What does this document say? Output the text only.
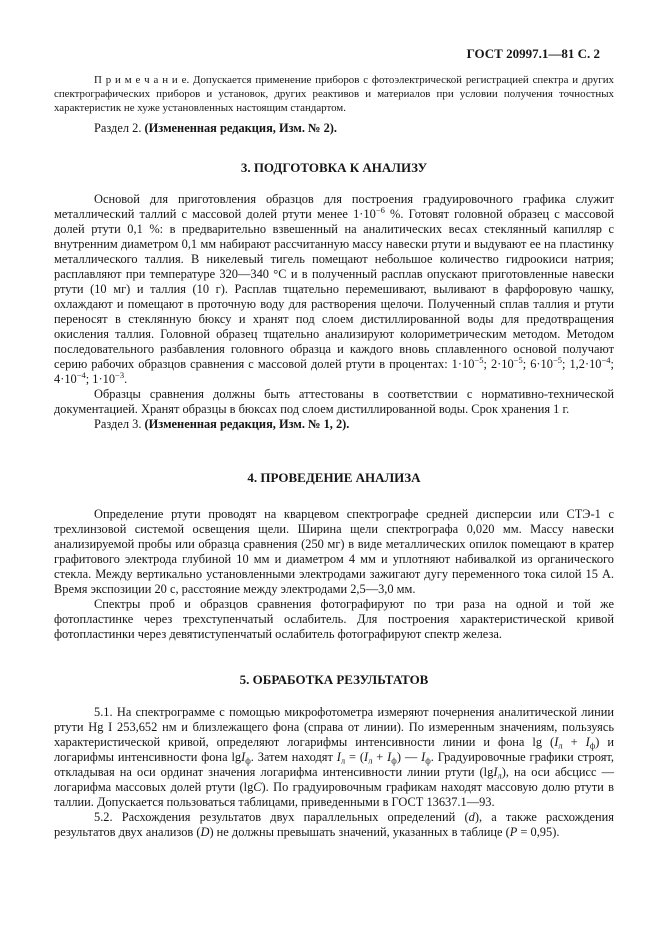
ГОСТ 20997.1—81 С. 2

П р и м е ч а н и е. Допускается применение приборов с фотоэлектрической регистрацией спектра и других спектрографических приборов и установок, других реактивов и материалов при условии получения точностных характеристик не хуже установленных настоящим стандартом.

Раздел 2. (Измененная редакция, Изм. № 2).

3. ПОДГОТОВКА К АНАЛИЗУ

Основой для приготовления образцов для построения градуировочного графика служит металлический таллий с массовой долей ртути менее $1\cdot 10^{-6}$ %. Готовят головной образец с массовой долей ртути 0,1 %: в предварительно взвешенный на аналитических весах стеклянный капилляр с внутренним диаметром 0,1 мм набирают рассчитанную массу навески ртути и выдувают ее на пластинку металлического таллия. В никелевый тигель помещают небольшое количество гидроокиси натрия; расплавляют при температуре 320—340 °С и в полученный расплав опускают приготовленные навески ртути (10 мг) и таллия (10 г). Расплав тщательно перемешивают, выливают в фарфоровую чашку, охлаждают и помещают в проточную воду для растворения щелочи. Полученный сплав таллия и ртути переносят в стеклянную бюксу и хранят под слоем дистиллированной воды для предотвращения окисления таллия. Головной образец тщательно анализируют колориметрическим методом. Методом последовательного разбавления головного образца и каждого вновь сплавленного основой получают серию рабочих образцов сравнения с массовой долей ртути в процентах: $1\cdot 10^{-5}$; $2\cdot 10^{-5}$; $6\cdot 10^{-5}$; $1,2\cdot 10^{-4}$; $4\cdot 10^{-4}$; $1\cdot 10^{-3}$.

Образцы сравнения должны быть аттестованы в соответствии с нормативно-технической документацией. Хранят образцы в бюксах под слоем дистиллированной воды. Срок хранения 1 г.

Раздел 3. (Измененная редакция, Изм. № 1, 2).

4. ПРОВЕДЕНИЕ АНАЛИЗА

Определение ртути проводят на кварцевом спектрографе средней дисперсии или СТЭ-1 с трехлинзовой системой освещения щели. Ширина щели спектрографа 0,020 мм. Массу навески анализируемой пробы или образца сравнения (250 мг) в виде металлических опилок помещают в кратер графитового электрода глубиной 10 мм и диаметром 4 мм и уплотняют набивалкой из органического стекла. Между вертикально установленными электродами зажигают дугу переменного тока силой 15 А. Время экспозиции 20 с, расстояние между электродами 2,5—3,0 мм.

Спектры проб и образцов сравнения фотографируют по три раза на одной и той же фотопластинке через трехступенчатый ослабитель. Для построения характеристической кривой фотопластинки через девятиступенчатый ослабитель фотографируют спектр железа.

5. ОБРАБОТКА РЕЗУЛЬТАТОВ

5.1. На спектрограмме с помощью микрофотометра измеряют почернения аналитической линии ртути Hg I 253,652 нм и близлежащего фона (справа от линии). По измеренным значениям, пользуясь характеристической кривой, определяют логарифмы интенсивности линии и фона $\lg (I_л + I_ф)$ и логарифмы интенсивности фона lgI$_ф$. Затем находят $I_л = (I_л + I_ф)$ — $I_ф$. Градуировочные графики строят, откладывая на оси ординат значения логарифма интенсивности линии ртути (lgI$_л$), на оси абсцисс — логарифма массовых долей ртути (lgC). По градуировочным графикам находят массовую долю ртути в таллии. Допускается пользоваться таблицами, приведенными в ГОСТ 13637.1—93.

5.2. Расхождения результатов двух параллельных определений (d), а также расхождения результатов двух анализов (D) не должны превышать значений, указанных в таблице (P = 0,95).
